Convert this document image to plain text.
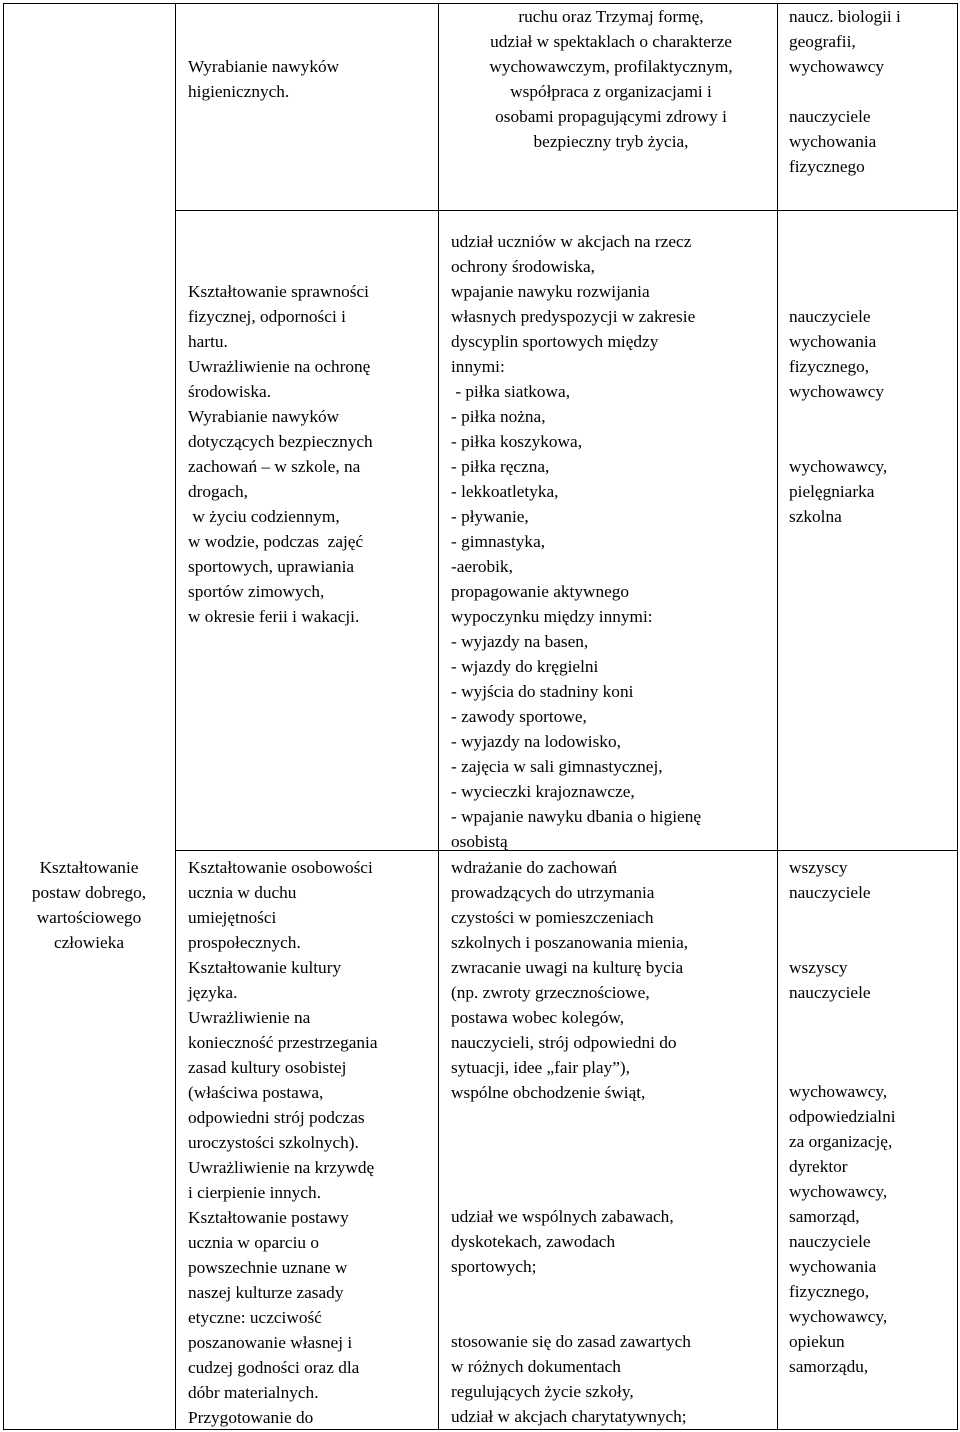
Wyrabianie nawyków
higienicznych.
ruchu oraz Trzymaj formę,
udział w spektaklach o charakterze
wychowawczym, profilaktycznym,
współpraca z organizacjami i
osobami propagującymi zdrowy i
bezpieczny tryb życia,
naucz. biologii i
geografii,
wychowawcy
nauczyciele
wychowania
fizycznego
Kształtowanie sprawności
fizycznej, odporności i
hartu.
Uwrażliwienie na ochronę
środowiska.
Wyrabianie nawyków
dotyczących bezpiecznych
zachowań – w szkole, na
drogach,
w życiu codziennym,
w wodzie, podczas  zajęć
sportowych, uprawiania
sportów zimowych,
w okresie ferii i wakacji.
udział uczniów w akcjach na rzecz
ochrony środowiska,
wpajanie nawyku rozwijania
własnych predyspozycji w zakresie
dyscyplin sportowych między
innymi:
- piłka siatkowa,
- piłka nożna,
- piłka koszykowa,
- piłka ręczna,
- lekkoatletyka,
- pływanie,
- gimnastyka,
-aerobik,
propagowanie aktywnego
wypoczynku między innymi:
- wyjazdy na basen,
- wjazdy do kręgielni
- wyjścia do stadniny koni
- zawody sportowe,
- wyjazdy na lodowisko,
- zajęcia w sali gimnastycznej,
- wycieczki krajoznawcze,
- wpajanie nawyku dbania o higienę
osobistą
nauczyciele
wychowania
fizycznego,
wychowawcy
wychowawcy,
pielęgniarka
szkolna
Kształtowanie
postaw dobrego,
wartościowego
człowieka
Kształtowanie osobowości
ucznia w duchu
umiejętności
prospołecznych.
Kształtowanie kultury
języka.
Uwrażliwienie na
konieczność przestrzegania
zasad kultury osobistej
(właściwa postawa,
odpowiedni strój podczas
uroczystości szkolnych).
Uwrażliwienie na krzywdę
i cierpienie innych.
Kształtowanie postawy
ucznia w oparciu o
powszechnie uznane w
naszej kulturze zasady
etyczne: uczciwość
poszanowanie własnej i
cudzej godności oraz dla
dóbr materialnych.
Przygotowanie do
wdrażanie do zachowań
prowadzących do utrzymania
czystości w pomieszczeniach
szkolnych i poszanowania mienia,
zwracanie uwagi na kulturę bycia
(np. zwroty grzecznościowe,
postawa wobec kolegów,
nauczycieli, strój odpowiedni do
sytuacji, idee „fair play”),
wspólne obchodzenie świąt,
udział we wspólnych zabawach,
dyskotekach, zawodach
sportowych;
stosowanie się do zasad zawartych
w różnych dokumentach
regulujących życie szkoły,
udział w akcjach charytatywnych;
wszyscy
nauczyciele
wszyscy
nauczyciele
wychowawcy,
odpowiedzialni
za organizację,
dyrektor
wychowawcy,
samorząd,
nauczyciele
wychowania
fizycznego,
wychowawcy,
opiekun
samorządu,
